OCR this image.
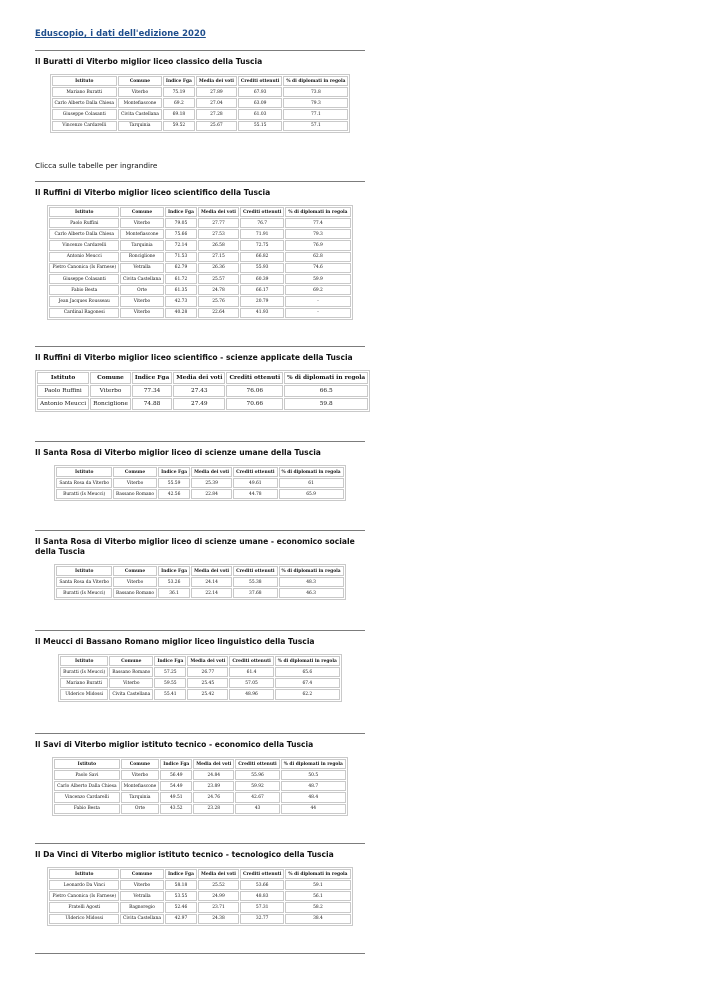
Eduscopio, i dati dell'edizione 2020
Il Buratti di Viterbo miglior liceo classico della Tuscia
Istituto	Comune	Indice Fga	Media dei voti	Crediti ottenuti	% di diplomati in regola
Mariano Buratti	Viterbo	75.19	27.89	67.93	73.8
Carlo Alberto Dalla Chiesa	Montefiascone	69.2	27.04	63.09	79.3
Giuseppe Colasanti	Civita Castellana	69.18	27.28	61.03	77.1
Vincenzo Cardarelli	Tarquinia	59.52	25.67	55.15	57.1
Il Ruffini di Viterbo miglior liceo scientifico della Tuscia
Istituto	Comune	Indice Fga	Media dei voti	Crediti ottenuti	% di diplomati in regola
Paolo Ruffini	Viterbo	79.05	27.77	76.7	77.4
Carlo Alberto Dalla Chiesa	Montefiascone	75.66	27.53	71.91	79.3
Vincenzo Cardarelli	Tarquinia	72.14	26.58	72.75	76.9
Antonio Meucci	Ronciglione	71.53	27.15	66.82	62.8
Pietro Canonica (Is Farnese)	Vetralla	62.79	26.36	55.93	74.6
Giuseppe Colasanti	Civita Castellana	61.72	25.57	60.39	59.9
Fabio Besta	Orte	61.35	24.78	66.17	69.2
Jean Jacques Rousseau	Viterbo	42.73	25.76	20.79	-
Cardinal Ragonesi	Viterbo	40.28	22.64	41.93	-
Il Ruffini di Viterbo miglior liceo scientifico - scienze applicate della Tuscia
Istituto	Comune	Indice Fga	Media dei voti	Crediti ottenuti	% di diplomati in regola
Paolo Ruffini	Viterbo	77.34	27.43	76.06	66.5
Antonio Meucci	Ronciglione	74.88	27.49	70.66	59.8
Il Santa Rosa di Viterbo miglior liceo di scienze umane della Tuscia
Istituto	Comune	Indice Fga	Media dei voti	Crediti ottenuti	% di diplomati in regola
Santa Rosa da Viterbo	Viterbo	55.59	25.39	49.61	61
Buratti (Is Meucci)	Bassano Romano	42.56	22.84	44.78	65.9
Il Santa Rosa di Viterbo miglior liceo di scienze umane - economico sociale della Tuscia
Istituto	Comune	Indice Fga	Media dei voti	Crediti ottenuti	% di diplomati in regola
Santa Rosa da Viterbo	Viterbo	53.26	24.14	55.38	48.3
Buratti (Is Meucci)	Bassano Romano	36.1	22.14	37.68	46.3
Il Meucci di Bassano Romano miglior liceo linguistico della Tuscia
Istituto	Comune	Indice Fga	Media dei voti	Crediti ottenuti	% di diplomati in regola
Buratti (Is Meucci)	Bassano Romano	57.25	26.77	61.4	65.6
Mariano Buratti	Viterbo	59.55	25.45	57.05	67.4
Ulderico Midossi	Civita Castellana	55.41	25.42	48.96	62.2
Il Savi di Viterbo miglior istituto tecnico - economico della Tuscia
Istituto	Comune	Indice Fga	Media dei voti	Crediti ottenuti	% di diplomati in regola
Paolo Savi	Viterbo	56.49	24.84	55.96	50.5
Carlo Alberto Dalla Chiesa	Montefiascone	54.49	23.89	59.92	48.7
Vincenzo Cardarelli	Tarquinia	49.51	24.76	42.67	48.4
Fabio Besta	Orte	43.52	23.28	43	44
Il Da Vinci di Viterbo miglior istituto tecnico - tecnologico della Tuscia
Istituto	Comune	Indice Fga	Media dei voti	Crediti ottenuti	% di diplomati in regola
Leonardo Da Vinci	Viterbo	58.18	25.52	53.66	59.1
Pietro Canonica (Is Farnese)	Vetralla	53.55	24.99	48.83	56.1
Fratelli Agosti	Bagnoregio	52.46	23.71	57.31	58.2
Ulderico Midossi	Civita Castellana	42.97	24.38	32.77	38.4
Clicca sulle tabelle per ingrandire
